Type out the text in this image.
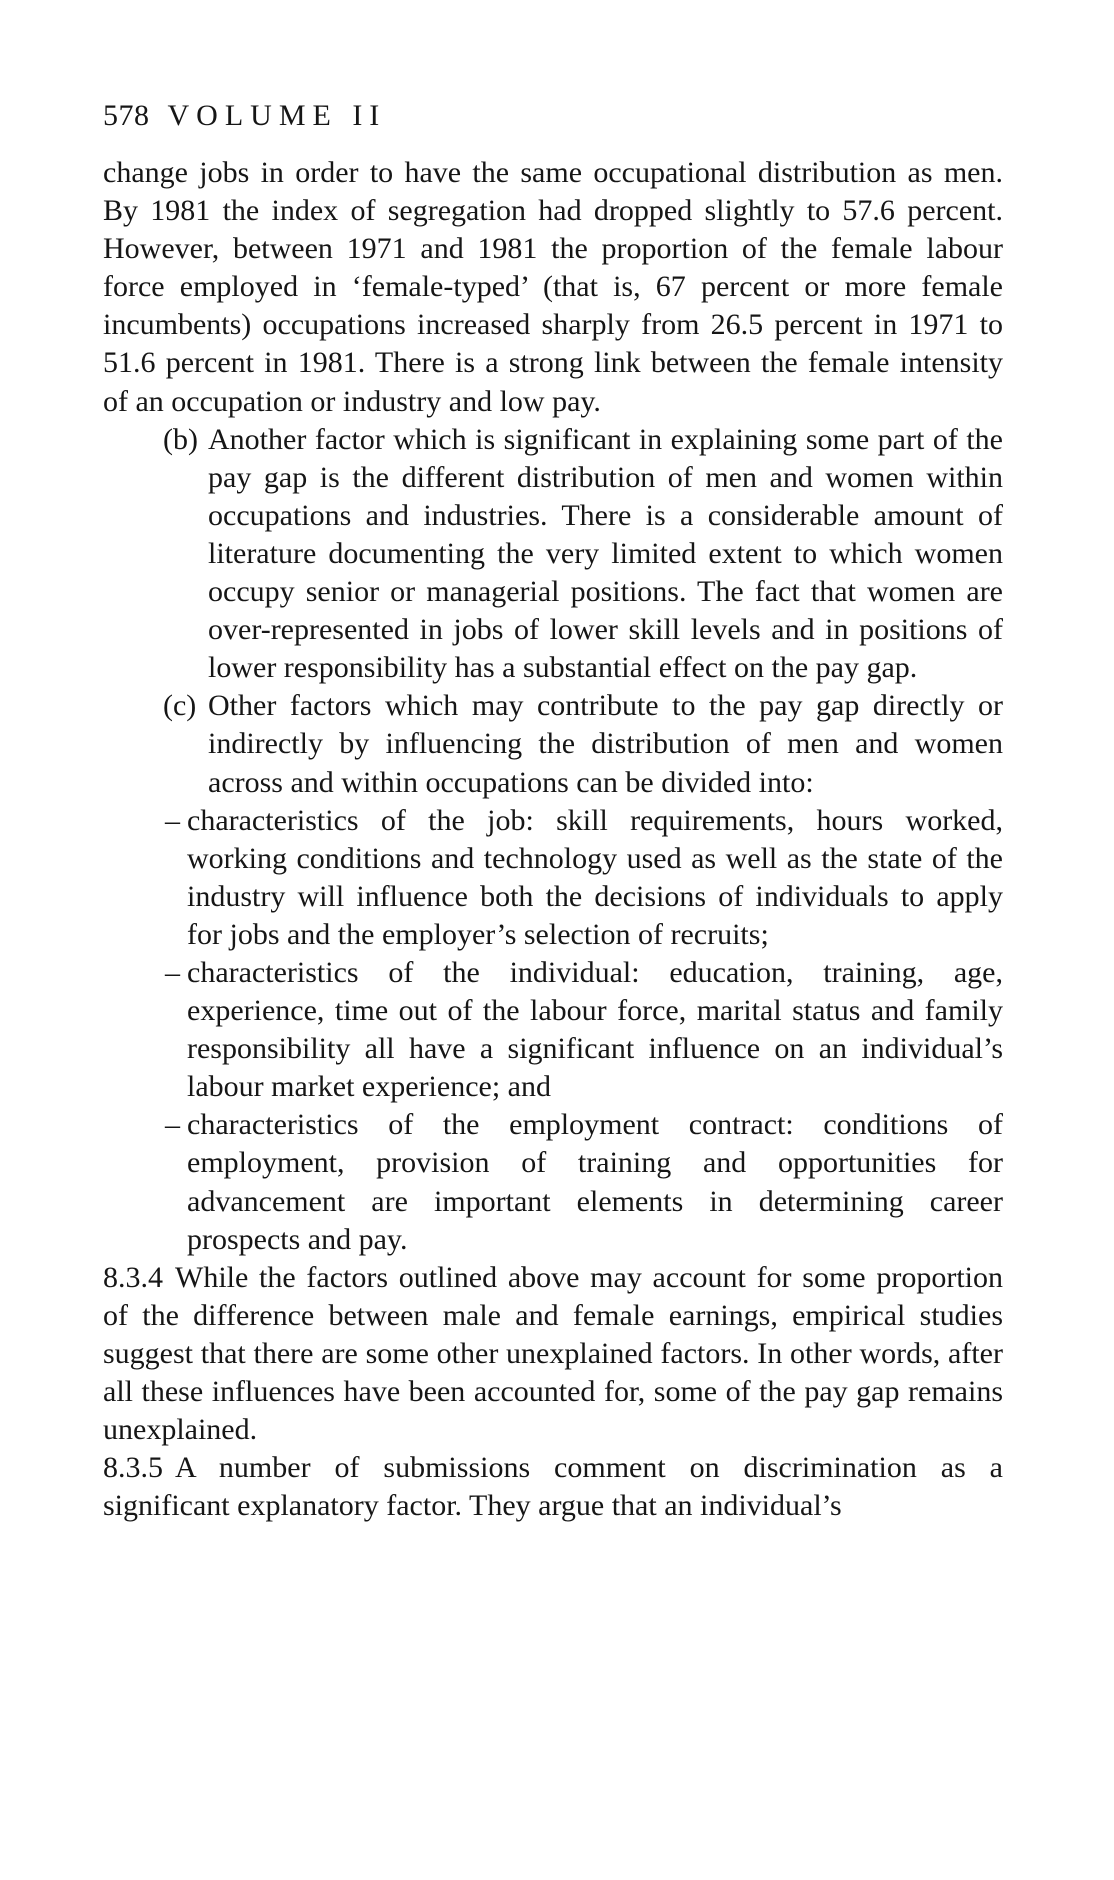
578 VOLUME II

change jobs in order to have the same occupational distribution as men. By 1981 the index of segregation had dropped slightly to 57.6 percent. However, between 1971 and 1981 the proportion of the female labour force employed in ‘female-typed’ (that is, 67 percent or more female incumbents) occupations increased sharply from 26.5 percent in 1971 to 51.6 percent in 1981. There is a strong link between the female intensity of an occupation or industry and low pay.

(b) Another factor which is significant in explaining some part of the pay gap is the different distribution of men and women within occupations and industries. There is a considerable amount of literature documenting the very limited extent to which women occupy senior or managerial positions. The fact that women are over-represented in jobs of lower skill levels and in positions of lower responsibility has a substantial effect on the pay gap.

(c) Other factors which may contribute to the pay gap directly or indirectly by influencing the distribution of men and women across and within occupations can be divided into:

– characteristics of the job: skill requirements, hours worked, working conditions and technology used as well as the state of the industry will influence both the decisions of individuals to apply for jobs and the employer’s selection of recruits;

– characteristics of the individual: education, training, age, experience, time out of the labour force, marital status and family responsibility all have a significant influence on an individual’s labour market experience; and

– characteristics of the employment contract: conditions of employment, provision of training and opportunities for advancement are important elements in determining career prospects and pay.

8.3.4 While the factors outlined above may account for some proportion of the difference between male and female earnings, empirical studies suggest that there are some other unexplained factors. In other words, after all these influences have been accounted for, some of the pay gap remains unexplained.

8.3.5 A number of submissions comment on discrimination as a significant explanatory factor. They argue that an individual’s
